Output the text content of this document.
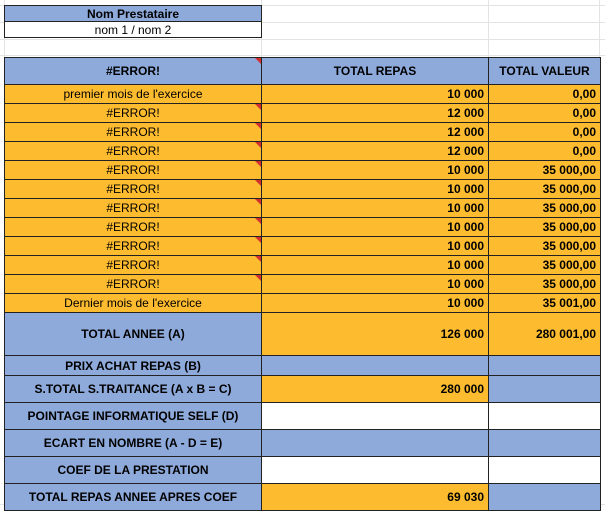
Nom Prestataire
nom 1 / nom 2
#ERROR!	TOTAL REPAS	TOTAL VALEUR
premier mois de l'exercice	10 000	0,00
#ERROR!	12 000	0,00
#ERROR!	12 000	0,00
#ERROR!	12 000	0,00
#ERROR!	10 000	35 000,00
#ERROR!	10 000	35 000,00
#ERROR!	10 000	35 000,00
#ERROR!	10 000	35 000,00
#ERROR!	10 000	35 000,00
#ERROR!	10 000	35 000,00
#ERROR!	10 000	35 000,00
Dernier mois de l'exercice	10 000	35 001,00
TOTAL ANNEE (A)	126 000	280 001,00
PRIX ACHAT REPAS (B)		
S.TOTAL S.TRAITANCE (A x B = C)	280 000	
POINTAGE INFORMATIQUE SELF (D)		
ECART EN NOMBRE (A - D = E)		
COEF DE LA PRESTATION		
TOTAL REPAS ANNEE APRES COEF	69 030	
